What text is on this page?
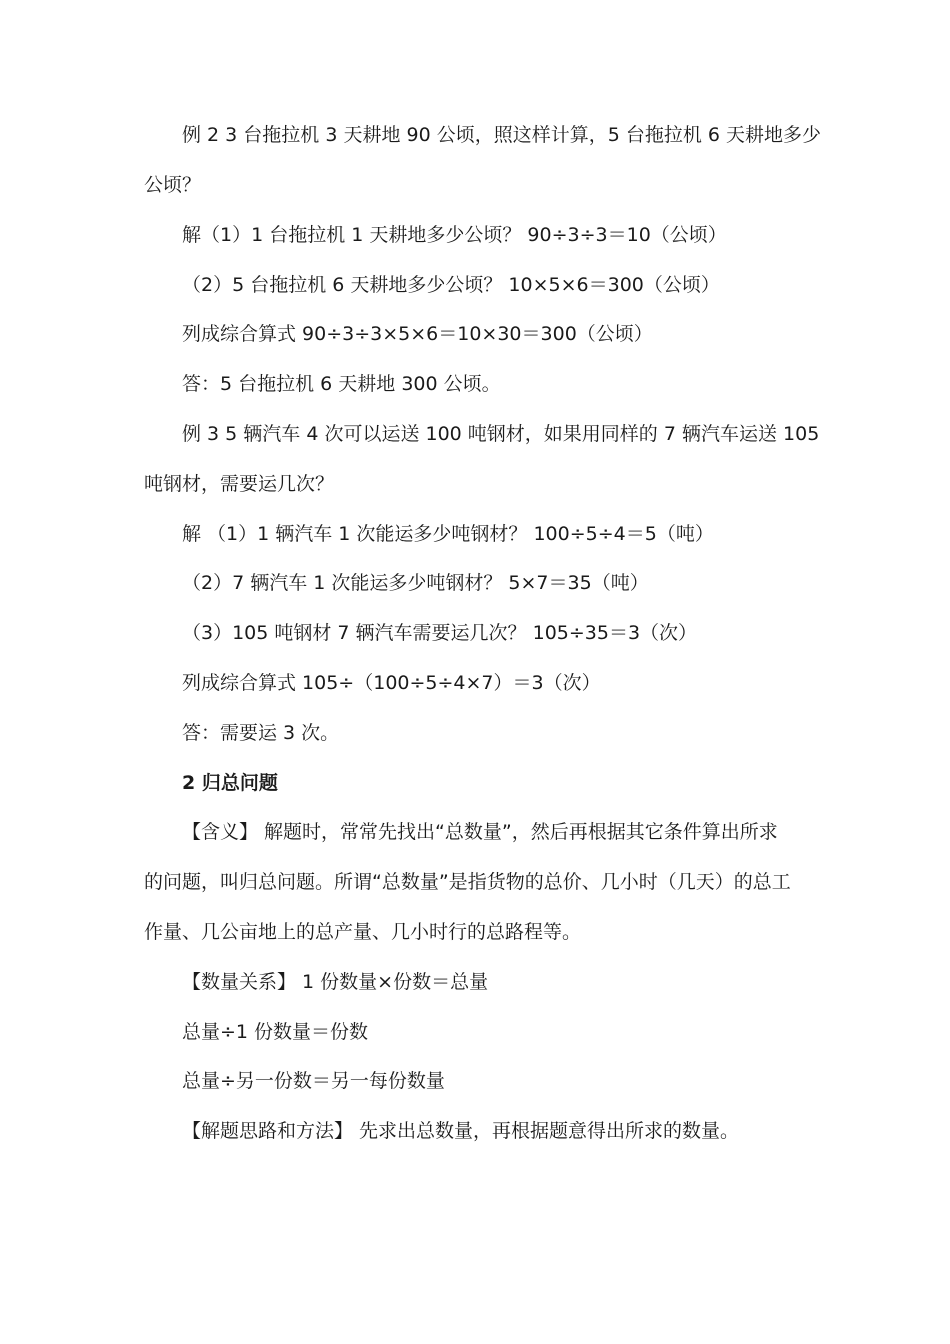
例 2 3 台拖拉机 3 天耕地 90 公顷，照这样计算，5 台拖拉机 6 天耕地多少
公顷？
解（1）1 台拖拉机 1 天耕地多少公顷？ 90÷3÷3＝10（公顷）
（2）5 台拖拉机 6 天耕地多少公顷？ 10×5×6＝300（公顷）
列成综合算式 90÷3÷3×5×6＝10×30＝300（公顷）
答：5 台拖拉机 6 天耕地 300 公顷。
例 3 5 辆汽车 4 次可以运送 100 吨钢材，如果用同样的 7 辆汽车运送 105
吨钢材，需要运几次？
解 （1）1 辆汽车 1 次能运多少吨钢材？ 100÷5÷4＝5（吨）
（2）7 辆汽车 1 次能运多少吨钢材？ 5×7＝35（吨）
（3）105 吨钢材 7 辆汽车需要运几次？ 105÷35＝3（次）
列成综合算式 105÷（100÷5÷4×7）＝3（次）
答：需要运 3 次。
2 归总问题
【含义】 解题时，常常先找出“总数量”，然后再根据其它条件算出所求
的问题，叫归总问题。所谓“总数量”是指货物的总价、几小时（几天）的总工
作量、几公亩地上的总产量、几小时行的总路程等。
【数量关系】 1 份数量×份数＝总量
总量÷1 份数量＝份数
总量÷另一份数＝另一每份数量
【解题思路和方法】 先求出总数量，再根据题意得出所求的数量。
